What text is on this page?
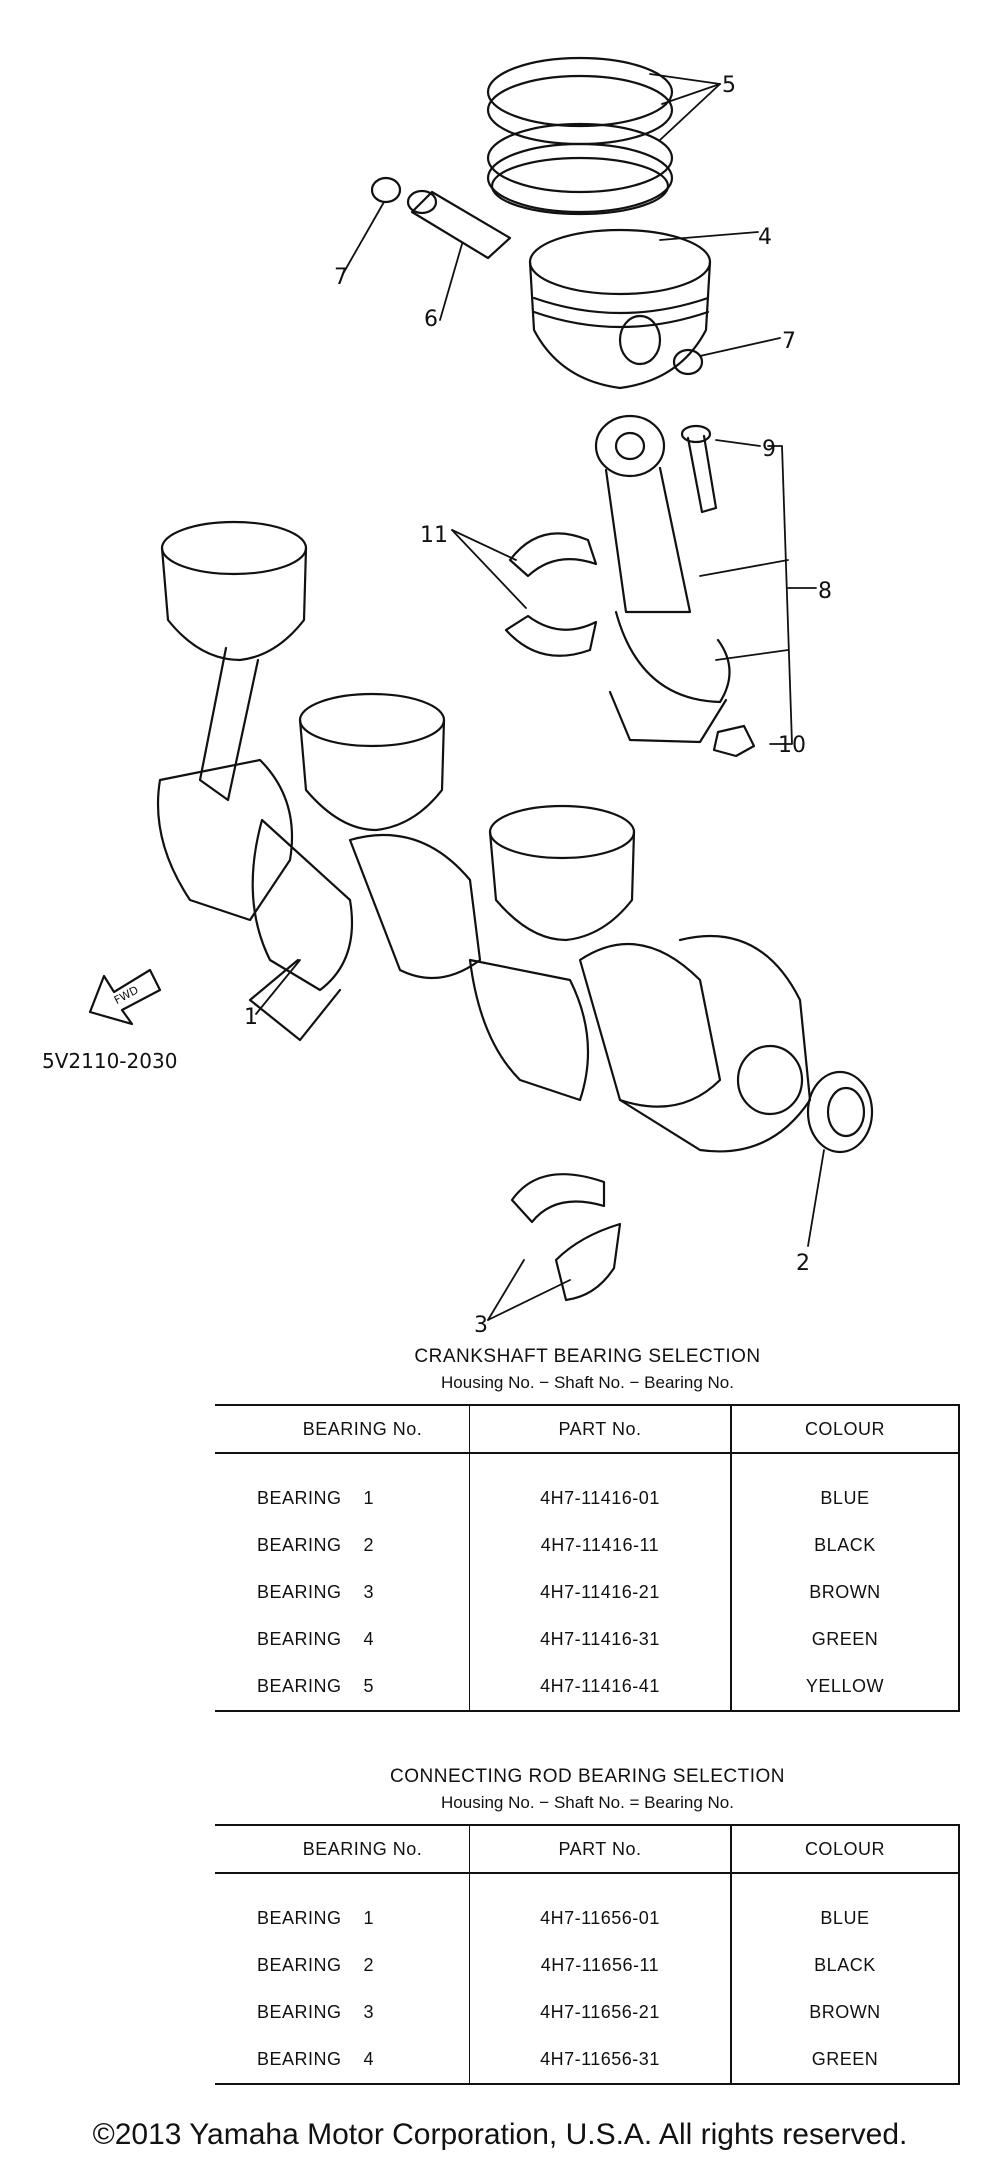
5
4
7
6
7
9
8
11
10
1
2
3
FWD
5V2110-2030

CRANKSHAFT BEARING SELECTION

Housing No. − Shaft No. − Bearing No.

BEARING No.	PART No.	COLOUR
BEARING 1	4H7-11416-01	BLUE
BEARING 2	4H7-11416-11	BLACK
BEARING 3	4H7-11416-21	BROWN
BEARING 4	4H7-11416-31	GREEN
BEARING 5	4H7-11416-41	YELLOW

CONNECTING ROD BEARING SELECTION

Housing No. − Shaft No. = Bearing No.

BEARING No.	PART No.	COLOUR
BEARING 1	4H7-11656-01	BLUE
BEARING 2	4H7-11656-11	BLACK
BEARING 3	4H7-11656-21	BROWN
BEARING 4	4H7-11656-31	GREEN
©2013 Yamaha Motor Corporation, U.S.A. All rights reserved.
